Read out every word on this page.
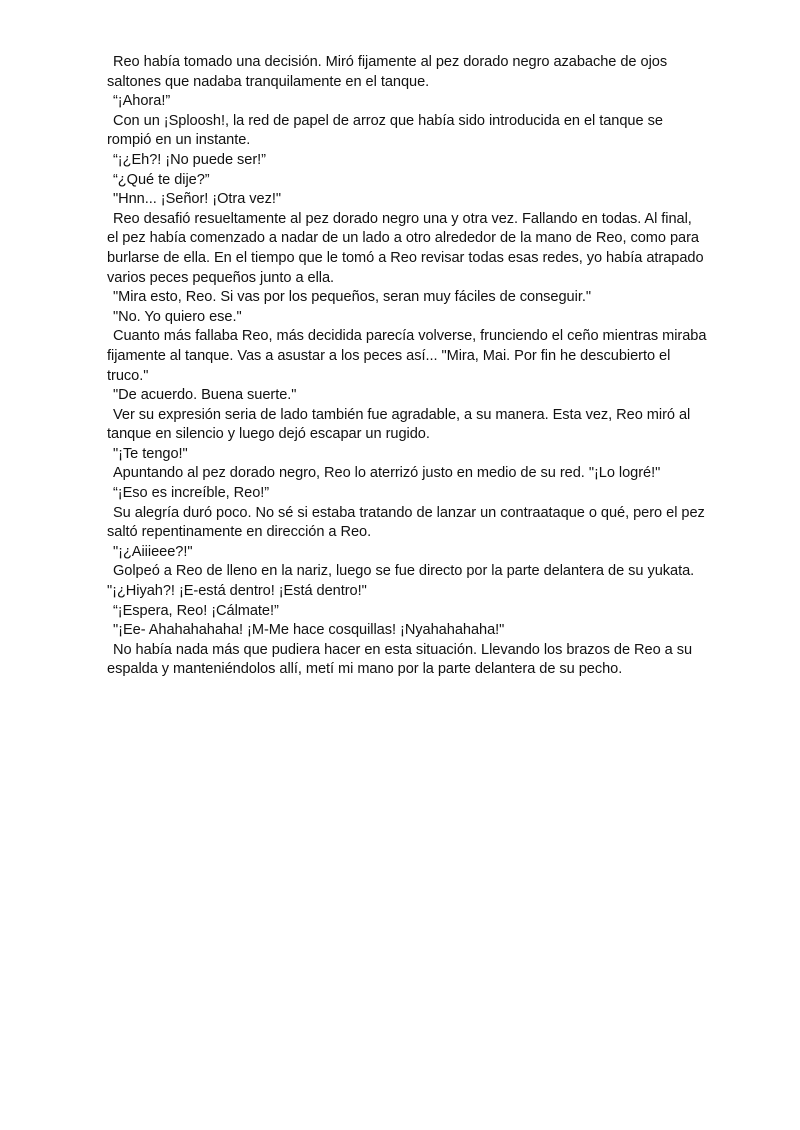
Reo había tomado una decisión. Miró fijamente al pez dorado negro azabache de ojos saltones que nadaba tranquilamente en el tanque.

“¡Ahora!”

Con un ¡Splooshǃ, la red de papel de arroz que había sido introducida en el tanque se rompió en un instante.

“¡¿Eh?! ¡No puede ser!”

“¿Qué te dije?”

"Hnn... ¡Señor! ¡Otra vez!"

Reo desafió resueltamente al pez dorado negro una y otra vez. Fallando en todas. Al final, el pez había comenzado a nadar de un lado a otro alrededor de la mano de Reo, como para burlarse de ella. En el tiempo que le tomó a Reo revisar todas esas redes, yo había atrapado varios peces pequeños junto a ella.

"Mira esto, Reo. Si vas por los pequeños, seran muy fáciles de conseguir."

"No. Yo quiero ese."

Cuanto más fallaba Reo, más decidida parecía volverse, frunciendo el ceño mientras miraba fijamente al tanque. Vas a asustar a los peces así... "Mira, Mai. Por fin he descubierto el truco."

"De acuerdo. Buena suerte."

Ver su expresión seria de lado también fue agradable, a su manera. Esta vez, Reo miró al tanque en silencio y luego dejó escapar un rugido.

"¡Te tengo!"

Apuntando al pez dorado negro, Reo lo aterrizó justo en medio de su red. "¡Lo logré!"

“¡Eso es increíble, Reo!”

Su alegría duró poco. No sé si estaba tratando de lanzar un contraataque o qué, pero el pez saltó repentinamente en dirección a Reo.

"¡¿Aiiieee?!"

Golpeó a Reo de lleno en la nariz, luego se fue directo por la parte delantera de su yukata. "¡¿Hiyah?! ¡E-está dentro! ¡Está dentro!"

“¡Espera, Reo! ¡Cálmate!”

"¡Ee- Ahahahahaha! ¡M-Me hace cosquillas! ¡Nyahahahaha!"

No había nada más que pudiera hacer en esta situación. Llevando los brazos de Reo a su espalda y manteniéndolos allí, metí mi mano por la parte delantera de su pecho.
